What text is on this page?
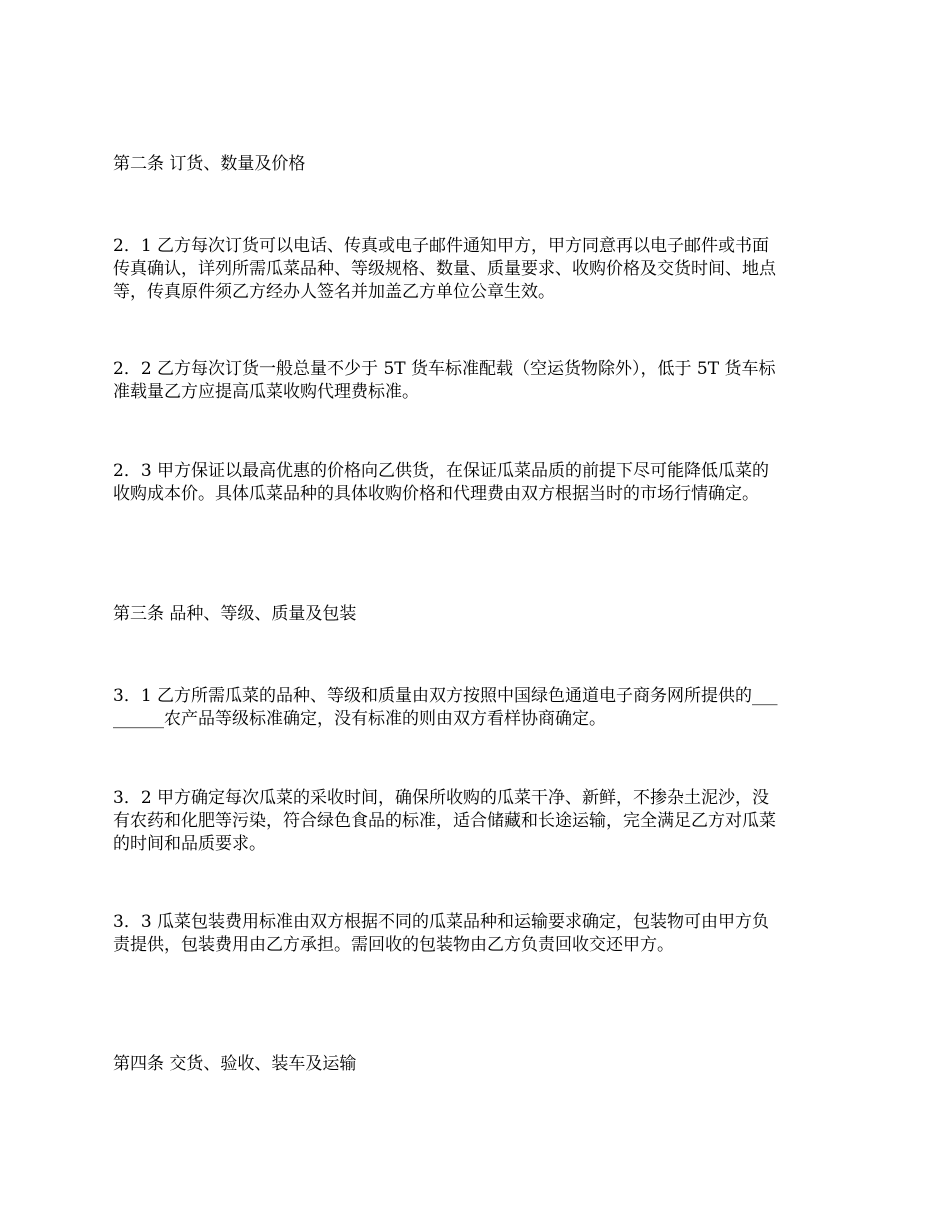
第二条 订货、数量及价格
2．1 乙方每次订货可以电话、传真或电子邮件通知甲方，甲方同意再以电子邮件或书面
传真确认，详列所需瓜菜品种、等级规格、数量、质量要求、收购价格及交货时间、地点
等，传真原件须乙方经办人签名并加盖乙方单位公章生效。
2．2 乙方每次订货一般总量不少于 5T 货车标准配载（空运货物除外），低于 5T 货车标
准载量乙方应提高瓜菜收购代理费标准。
2．3 甲方保证以最高优惠的价格向乙供货，在保证瓜菜品质的前提下尽可能降低瓜菜的
收购成本价。具体瓜菜品种的具体收购价格和代理费由双方根据当时的市场行情确定。
第三条 品种、等级、质量及包装
3．1 乙方所需瓜菜的品种、等级和质量由双方按照中国绿色通道电子商务网所提供的___
______农产品等级标准确定，没有标准的则由双方看样协商确定。
3．2 甲方确定每次瓜菜的采收时间，确保所收购的瓜菜干净、新鲜，不掺杂土泥沙，没
有农药和化肥等污染，符合绿色食品的标准，适合储藏和长途运输，完全满足乙方对瓜菜
的时间和品质要求。
3．3 瓜菜包装费用标准由双方根据不同的瓜菜品种和运输要求确定，包装物可由甲方负
责提供，包装费用由乙方承担。需回收的包装物由乙方负责回收交还甲方。
第四条 交货、验收、装车及运输
